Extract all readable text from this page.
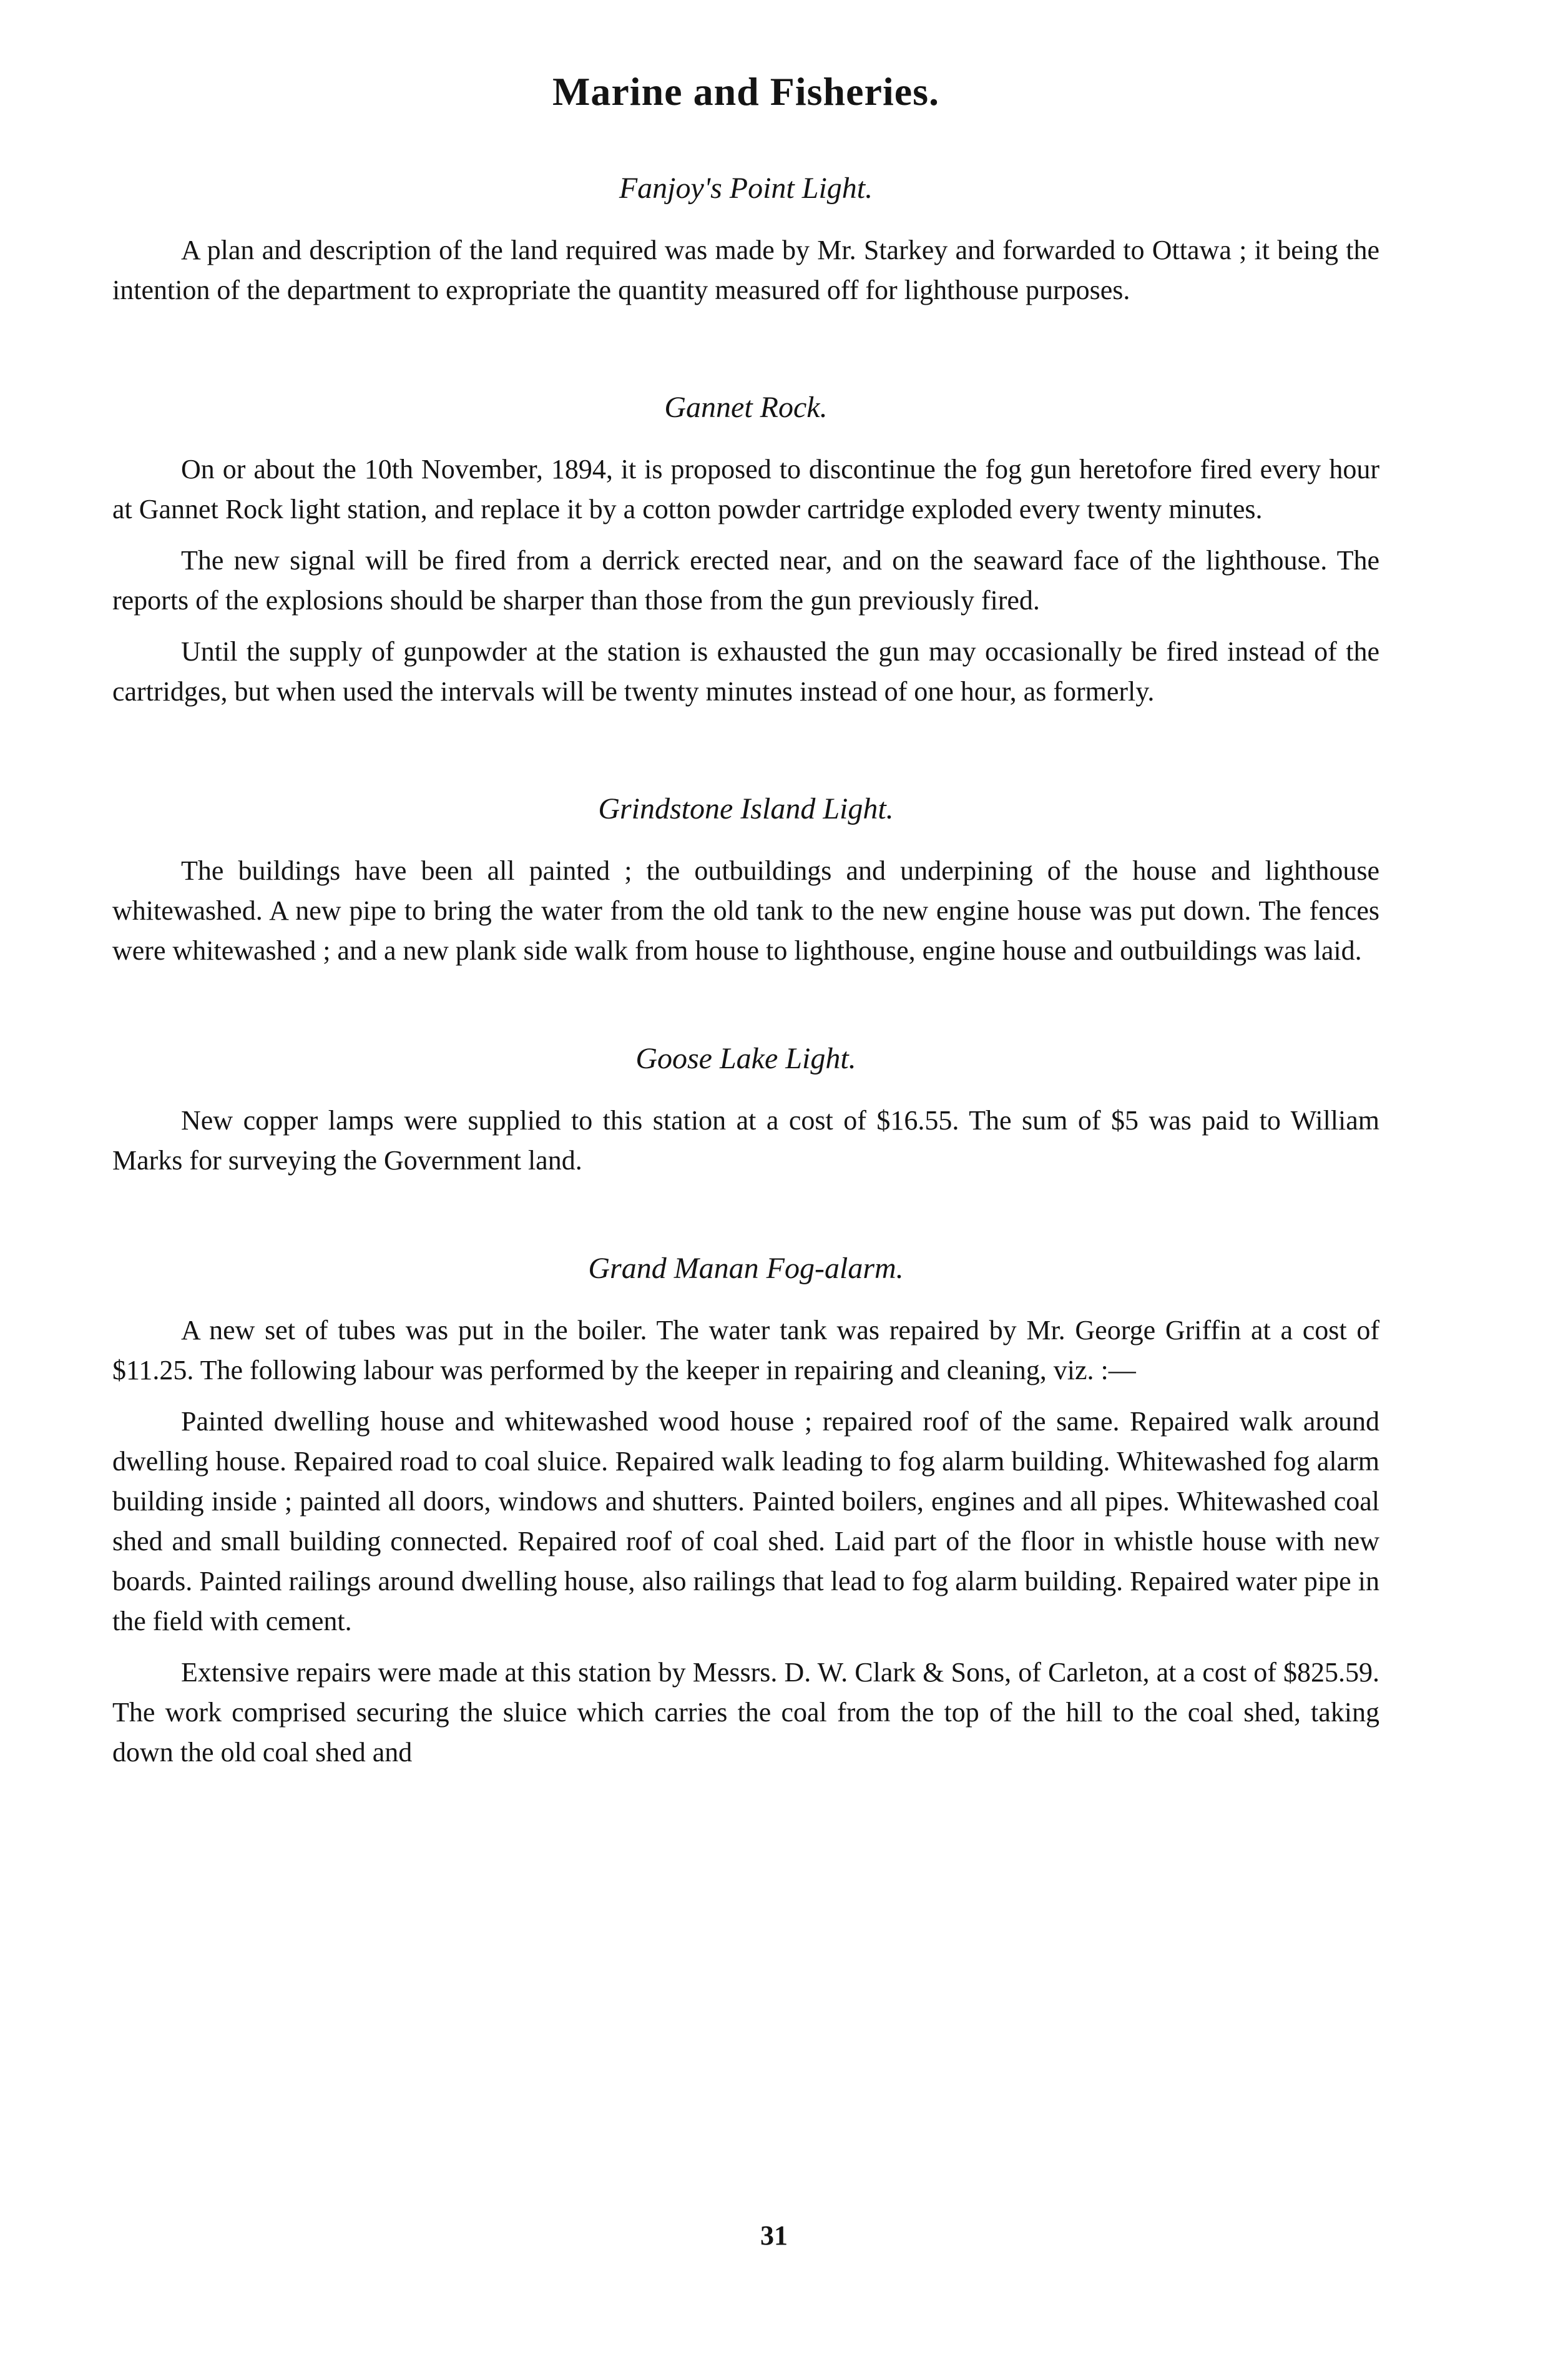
Marine and Fisheries.
Fanjoy's Point Light.

A plan and description of the land required was made by Mr. Starkey and forwarded to Ottawa ; it being the intention of the department to expropriate the quantity measured off for lighthouse purposes.

Gannet Rock.

On or about the 10th November, 1894, it is proposed to discontinue the fog gun heretofore fired every hour at Gannet Rock light station, and replace it by a cotton powder cartridge exploded every twenty minutes.

The new signal will be fired from a derrick erected near, and on the seaward face of the lighthouse. The reports of the explosions should be sharper than those from the gun previously fired.

Until the supply of gunpowder at the station is exhausted the gun may occasionally be fired instead of the cartridges, but when used the intervals will be twenty minutes instead of one hour, as formerly.

Grindstone Island Light.

The buildings have been all painted ; the outbuildings and underpining of the house and lighthouse whitewashed. A new pipe to bring the water from the old tank to the new engine house was put down. The fences were whitewashed ; and a new plank side walk from house to lighthouse, engine house and outbuildings was laid.

Goose Lake Light.

New copper lamps were supplied to this station at a cost of $16.55. The sum of $5 was paid to William Marks for surveying the Government land.

Grand Manan Fog-alarm.

A new set of tubes was put in the boiler. The water tank was repaired by Mr. George Griffin at a cost of $11.25. The following labour was performed by the keeper in repairing and cleaning, viz. :—

Painted dwelling house and whitewashed wood house ; repaired roof of the same. Repaired walk around dwelling house. Repaired road to coal sluice. Repaired walk leading to fog alarm building. Whitewashed fog alarm building inside ; painted all doors, windows and shutters. Painted boilers, engines and all pipes. Whitewashed coal shed and small building connected. Repaired roof of coal shed. Laid part of the floor in whistle house with new boards. Painted railings around dwelling house, also railings that lead to fog alarm building. Repaired water pipe in the field with cement.

Extensive repairs were made at this station by Messrs. D. W. Clark & Sons, of Carleton, at a cost of $825.59. The work comprised securing the sluice which carries the coal from the top of the hill to the coal shed, taking down the old coal shed and

31
